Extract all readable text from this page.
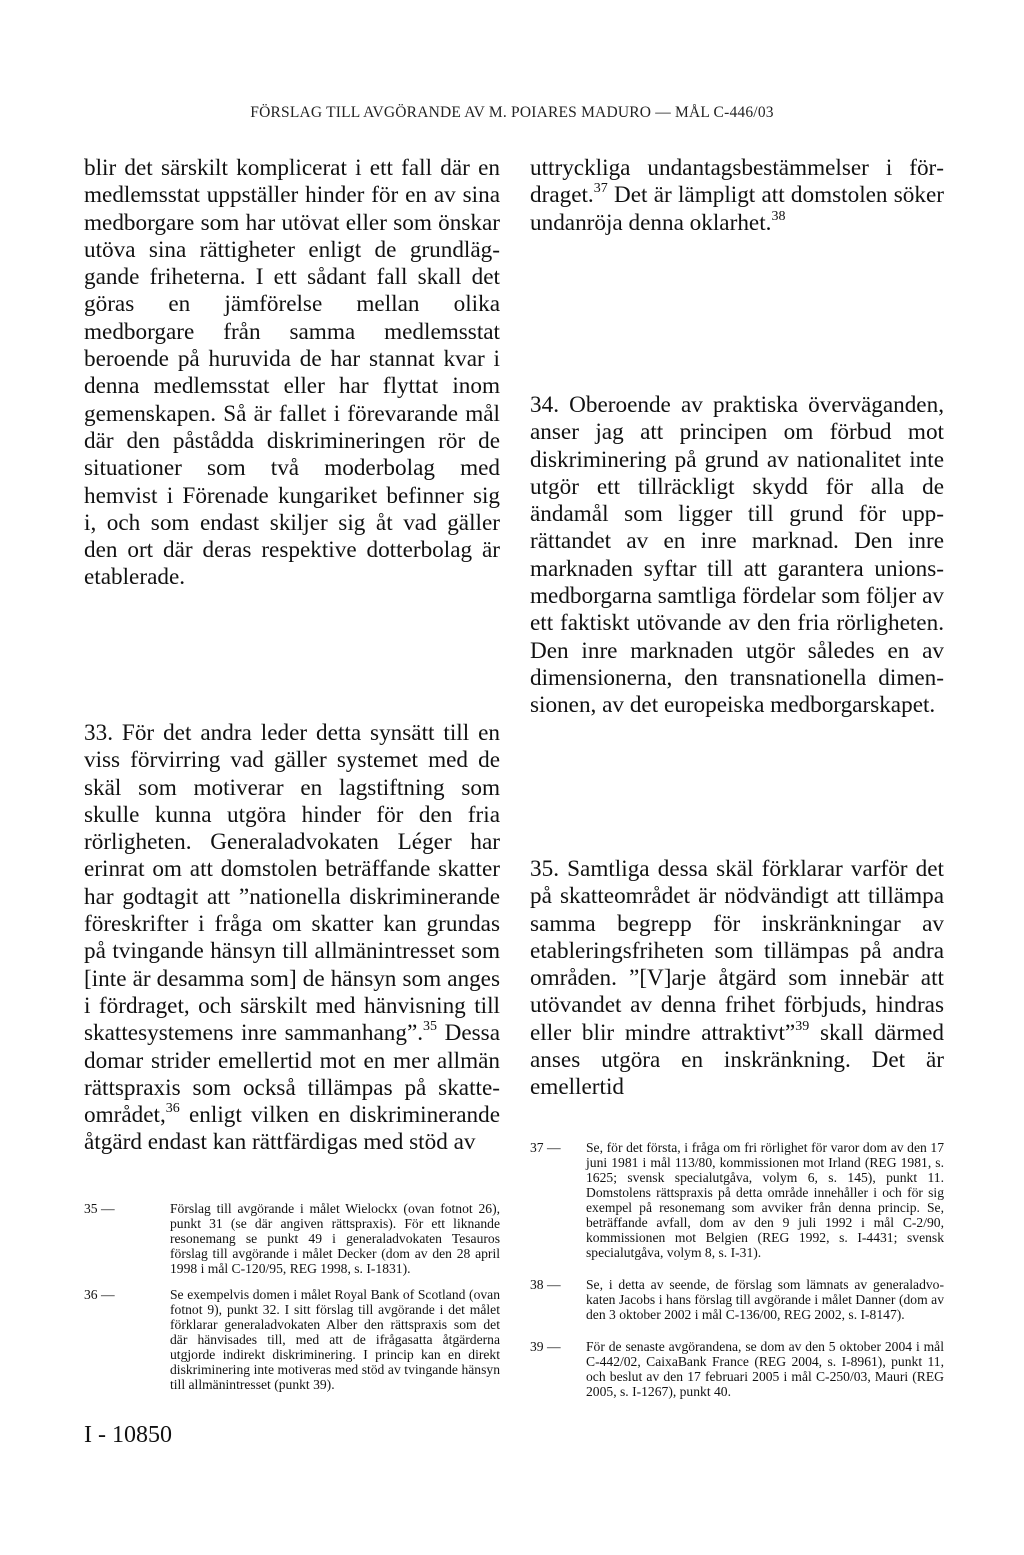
FÖRSLAG TILL AVGÖRANDE AV M. POIARES MADURO — MÅL C-446/03

blir det särskilt komplicerat i ett fall där en medlemsstat uppställer hinder för en av sina medborgare som har utövat eller som önskar utöva sina rättigheter enligt de grundläggande friheterna. I ett sådant fall skall det göras en jämförelse mellan olika medborgare från samma medlemsstat beroende på huruvida de har stannat kvar i denna medlemsstat eller har flyttat inom gemenskapen. Så är fallet i förevarande mål där den påstådda diskrimineringen rör de situationer som två moderbolag med hemvist i Förenade kungariket befinner sig i, och som endast skiljer sig åt vad gäller den ort där deras respektive dotterbolag är etablerade.

33. För det andra leder detta synsätt till en viss förvirring vad gäller systemet med de skäl som motiverar en lagstiftning som skulle kunna utgöra hinder för den fria rörligheten. Generaladvokaten Léger har erinrat om att domstolen beträffande skatter har godtagit att ”nationella diskriminerande föreskrifter i fråga om skatter kan grundas på tvingande hänsyn till allmänintresset som [inte är desamma som] de hänsyn som anges i fördraget, och särskilt med hänvisning till skattesystemens inre sammanhang”.$^{35}$ Dessa domar strider emellertid mot en mer allmän rättspraxis som också tillämpas på skatteområdet,$^{36}$ enligt vilken en diskriminerande åtgärd endast kan rättfärdigas med stöd av

uttryckliga undantagsbestämmelser i fördraget.$^{37}$ Det är lämpligt att domstolen söker undanröja denna oklarhet.$^{38}$

34. Oberoende av praktiska överväganden, anser jag att principen om förbud mot diskriminering på grund av nationalitet inte utgör ett tillräckligt skydd för alla de ändamål som ligger till grund för upprättandet av en inre marknad. Den inre marknaden syftar till att garantera unionsmedborgarna samtliga fördelar som följer av ett faktiskt utövande av den fria rörligheten. Den inre marknaden utgör således en av dimensionerna, den transnationella dimensionen, av det europeiska medborgarskapet.

35. Samtliga dessa skäl förklarar varför det på skatteområdet är nödvändigt att tillämpa samma begrepp för inskränkningar av etableringsfriheten som tillämpas på andra områden. ”[V]arje åtgärd som innebär att utövandet av denna frihet förbjuds, hindras eller blir mindre attraktivt”$^{39}$ skall därmed anses utgöra en inskränkning. Det är emellertid

35 —	Förslag till avgörande i målet Wielockx (ovan fotnot 26), punkt 31 (se där angiven rättspraxis). För ett liknande resonemang se punkt 49 i generaladvokaten Tesauros förslag till avgörande i målet Decker (dom av den 28 april 1998 i mål C-120/95, REG 1998, s. I-1831).
36 —	Se exempelvis domen i målet Royal Bank of Scotland (ovan fotnot 9), punkt 32. I sitt förslag till avgörande i det målet förklarar generaladvokaten Alber den rättspraxis som det där hänvisades till, med att de ifrågasatta åtgärderna utgjorde indirekt diskriminering. I princip kan en direkt diskriminering inte motiveras med stöd av tvingande hänsyn till allmänintresset (punkt 39).
37 — Se, för det första, i fråga om fri rörlighet för varor dom av den 17 juni 1981 i mål 113/80, kommissionen mot Irland (REG 1981, s. 1625; svensk specialutgåva, volym 6, s. 145), punkt 11. Domstolens rättspraxis på detta område innehåller i och för sig exempel på resonemang som avviker från denna princip. Se, beträffande avfall, dom av den 9 juli 1992 i mål C-2/90, kommissionen mot Belgien (REG 1992, s. I-4431; svensk specialutgåva, volym 8, s. I-31).
38 — Se, i detta av seende, de förslag som lämnats av generaladvokaten Jacobs i hans förslag till avgörande i målet Danner (dom av den 3 oktober 2002 i mål C-136/00, REG 2002, s. I-8147).
39 — För de senaste avgörandena, se dom av den 5 oktober 2004 i mål C-442/02, CaixaBank France (REG 2004, s. I-8961), punkt 11, och beslut av den 17 februari 2005 i mål C-250/03, Mauri (REG 2005, s. I-1267), punkt 40.
I - 10850
